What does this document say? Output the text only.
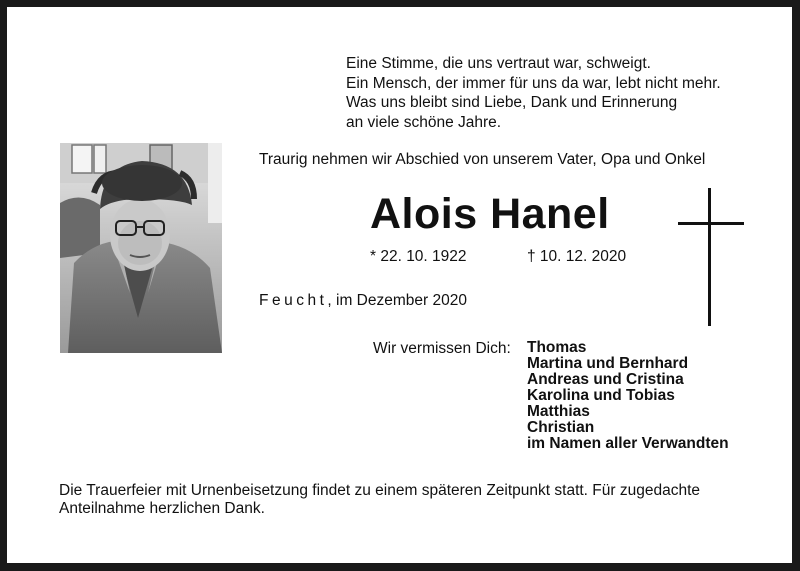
Eine Stimme, die uns vertraut war, schweigt.
Ein Mensch, der immer für uns da war, lebt nicht mehr.
Was uns bleibt sind Liebe, Dank und Erinnerung
an viele schöne Jahre.
Traurig nehmen wir Abschied von unserem Vater, Opa und Onkel
Alois Hanel
* 22. 10. 1922	† 10. 12. 2020
Feucht, im Dezember 2020
Wir vermissen Dich: Thomas
Martina und Bernhard
Andreas und Cristina
Karolina und Tobias
Matthias
Christian
im Namen aller Verwandten
Die Trauerfeier mit Urnenbeisetzung findet zu einem späteren Zeitpunkt statt. Für zugedachte Anteilnahme herzlichen Dank.
